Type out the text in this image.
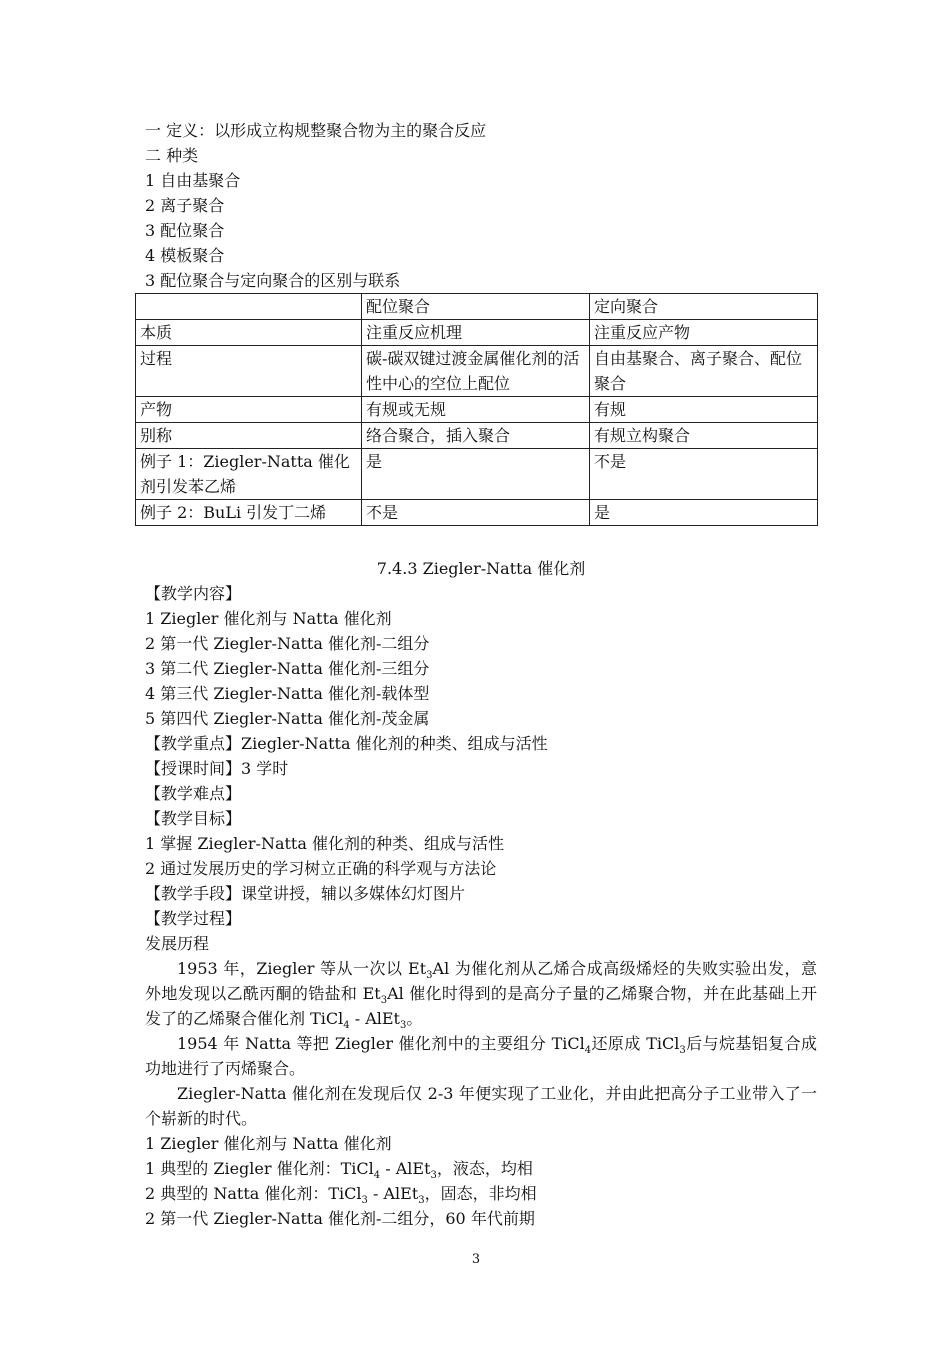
一 定义：以形成立构规整聚合物为主的聚合反应
二 种类
1 自由基聚合
2 离子聚合
3 配位聚合
4 模板聚合
3 配位聚合与定向聚合的区别与联系
	配位聚合	定向聚合
本质	注重反应机理	注重反应产物
过程	碳-碳双键过渡金属催化剂的活性中心的空位上配位	自由基聚合、离子聚合、配位聚合
产物	有规或无规	有规
别称	络合聚合，插入聚合	有规立构聚合
例子 1：Ziegler-Natta 催化剂引发苯乙烯	是	不是
例子 2：BuLi 引发丁二烯	不是	是
7.4.3 Ziegler-Natta 催化剂
【教学内容】
1 Ziegler 催化剂与 Natta 催化剂
2 第一代 Ziegler-Natta 催化剂-二组分
3 第二代 Ziegler-Natta 催化剂-三组分
4 第三代 Ziegler-Natta 催化剂-载体型
5 第四代 Ziegler-Natta 催化剂-茂金属
【教学重点】Ziegler-Natta 催化剂的种类、组成与活性
【授课时间】3 学时
【教学难点】
【教学目标】
1 掌握 Ziegler-Natta 催化剂的种类、组成与活性
2 通过发展历史的学习树立正确的科学观与方法论
【教学手段】课堂讲授，辅以多媒体幻灯图片
【教学过程】
发展历程
1953 年，Ziegler 等从一次以 $Et_3Al$ 为催化剂从乙烯合成高级烯烃的失败实验出发，意外地发现以乙酰丙酮的锆盐和 $Et_3Al$ 催化时得到的是高分子量的乙烯聚合物，并在此基础上开发了的乙烯聚合催化剂 TiCl$_4$ - AlEt$_3$。
1954 年 Natta 等把 Ziegler 催化剂中的主要组分 TiCl$_4$还原成 TiCl$_3$后与烷基铝复合成功地进行了丙烯聚合。
Ziegler-Natta 催化剂在发现后仅 2-3 年便实现了工业化，并由此把高分子工业带入了一个崭新的时代。
1 Ziegler 催化剂与 Natta 催化剂
1 典型的 Ziegler 催化剂：TiCl$_4$ - AlEt$_3$，液态，均相
2 典型的 Natta 催化剂：TiCl$_3$ - AlEt$_3$，固态，非均相
2 第一代 Ziegler-Natta 催化剂-二组分，60 年代前期
3
